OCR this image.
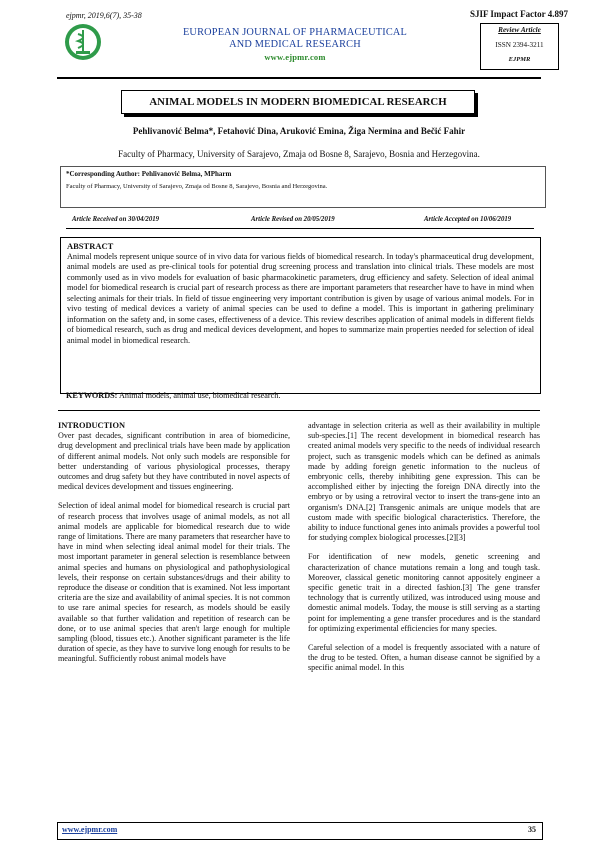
ejpmr, 2019,6(7), 35-38	SJIF Impact Factor 4.897
EUROPEAN JOURNAL OF PHARMACEUTICAL
AND MEDICAL RESEARCH
www.ejpmr.com
Review Article
ISSN 2394-3211
EJPMR
ANIMAL MODELS IN MODERN BIOMEDICAL RESEARCH
Pehlivanović Belma*, Fetahović Dina, Aruković Emina, Žiga Nermina and Bečić Fahir
Faculty of Pharmacy, University of Sarajevo, Zmaja od Bosne 8, Sarajevo, Bosnia and Herzegovina.
*Corresponding Author: Pehlivanović Belma, MPharm
Faculty of Pharmacy, University of Sarajevo, Zmaja od Bosne 8, Sarajevo, Bosnia and Herzegovina.
Article Received on 30/04/2019	Article Revised on 20/05/2019	Article Accepted on 10/06/2019
ABSTRACT
Animal models represent unique source of in vivo data for various fields of biomedical research. In today's pharmaceutical drug development, animal models are used as pre-clinical tools for potential drug screening process and translation into clinical trials. These models are most commonly used as in vivo models for evaluation of basic pharmacokinetic parameters, drug efficiency and safety. Selection of ideal animal model for biomedical research is crucial part of research process as there are important parameters that researcher have to have in mind when selecting animals for their trials. In field of tissue engineering very important contribution is given by usage of various animal models. For in vivo testing of medical devices a variety of animal species can be used to define a model. This is important in gathering preliminary information on the safety and, in some cases, effectiveness of a device. This review describes application of animal models in different fields of biomedical research, such as drug and medical devices development, and hopes to summarize main properties needed for selection of ideal animal model in biomedical research.
KEYWORDS: Animal models, animal use, biomedical research.
INTRODUCTION

Over past decades, significant contribution in area of biomedicine, drug development and preclinical trials have been made by application of different animal models. Not only such models are responsible for better understanding of various physiological processes, therapy outcomes and drug safety but they have contributed in novel aspects of medical devices development and tissues engineering.

Selection of ideal animal model for biomedical research is crucial part of research process that involves usage of animal models, as not all animal models are applicable for biomedical research due to wide range of limitations. There are many parameters that researcher have to have in mind when selecting ideal animal model for their trials. The most important parameter in general selection is resemblance between animal species and humans on physiological and pathophysiological levels, their response on certain substances/drugs and their ability to reproduce the disease or condition that is examined. Not less important criteria are the size and availability of animal species. It is not common to use rare animal species for research, as models should be easily available so that further validation and repetition of research can be done, or to use animal species that aren't large enough for multiple sampling (blood, tissues etc.). Another significant parameter is the life duration of specie, as they have to survive long enough for results to be meaningful. Sufficiently robust animal models have

advantage in selection criteria as well as their availability in multiple sub-species.[1] The recent development in biomedical research has created animal models very specific to the needs of individual research project, such as transgenic models which can be defined as animals made by adding foreign genetic information to the nucleus of embryonic cells, thereby inhibiting gene expression. This can be accomplished either by injecting the foreign DNA directly into the embryo or by using a retroviral vector to insert the trans-gene into an organism's DNA.[2] Transgenic animals are unique models that are custom made with specific biological characteristics. Therefore, the ability to induce functional genes into animals provides a powerful tool for studying complex biological processes.[2][3]

For identification of new models, genetic screening and characterization of chance mutations remain a long and tough task. Moreover, classical genetic monitoring cannot appositely engineer a specific genetic trait in a directed fashion.[3] The gene transfer technology that is currently utilized, was introduced using mouse and domestic animal models. Today, the mouse is still serving as a starting point for implementing a gene transfer procedures and is the standard for optimizing experimental efficiencies for many species.

Careful selection of a model is frequently associated with a nature of the drug to be tested. Often, a human disease cannot be signified by a specific animal model. In this

www.ejpmr.com	35
